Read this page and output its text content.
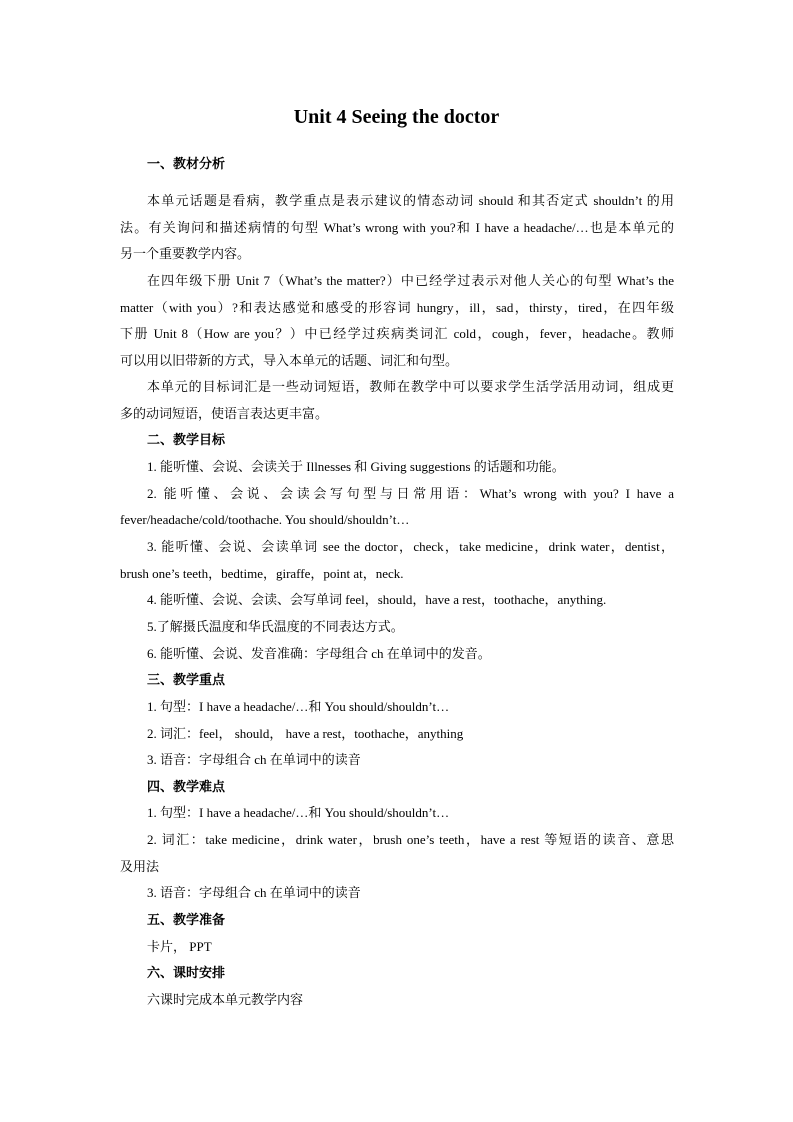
Unit 4 Seeing the doctor
一、教材分析
本单元话题是看病，教学重点是表示建议的情态动词 should 和其否定式 shouldn’t 的用
法。有关询问和描述病情的句型 What’s wrong with you?和 I have a headache/…也是本单元的
另一个重要教学内容。
在四年级下册 Unit 7（What’s the matter?）中已经学过表示对他人关心的句型 What’s the
matter（with you）?和表达感觉和感受的形容词 hungry，ill，sad，thirsty，tired，在四年级
下册 Unit 8（How are you？）中已经学过疾病类词汇 cold，cough，fever，headache。教师
可以用以旧带新的方式，导入本单元的话题、词汇和句型。
本单元的目标词汇是一些动词短语，教师在教学中可以要求学生活学活用动词，组成更
多的动词短语，使语言表达更丰富。
二、教学目标
1. 能听懂、会说、会读关于 Illnesses 和 Giving suggestions 的话题和功能。
2. 能听懂、会说、会读会写句型与日常用语：What’s wrong with you? I have a
fever/headache/cold/toothache. You should/shouldn’t…
3. 能听懂、会说、会读单词 see the doctor，check，take medicine，drink water，dentist，
brush one’s teeth，bedtime，giraffe，point at，neck.
4. 能听懂、会说、会读、会写单词 feel，should，have a rest，toothache，anything.
5.了解摄氏温度和华氏温度的不同表达方式。
6. 能听懂、会说、发音准确：字母组合 ch 在单词中的发音。
三、教学重点
1. 句型：I have a headache/…和 You should/shouldn’t…
2. 词汇：feel， should， have a rest，toothache，anything
3. 语音：字母组合 ch 在单词中的读音
四、教学难点
1. 句型：I have a headache/…和 You should/shouldn’t…
2. 词汇：take medicine，drink water，brush one’s teeth，have a rest 等短语的读音、意思
及用法
3. 语音：字母组合 ch 在单词中的读音
五、教学准备
卡片， PPT
六、课时安排
六课时完成本单元教学内容
